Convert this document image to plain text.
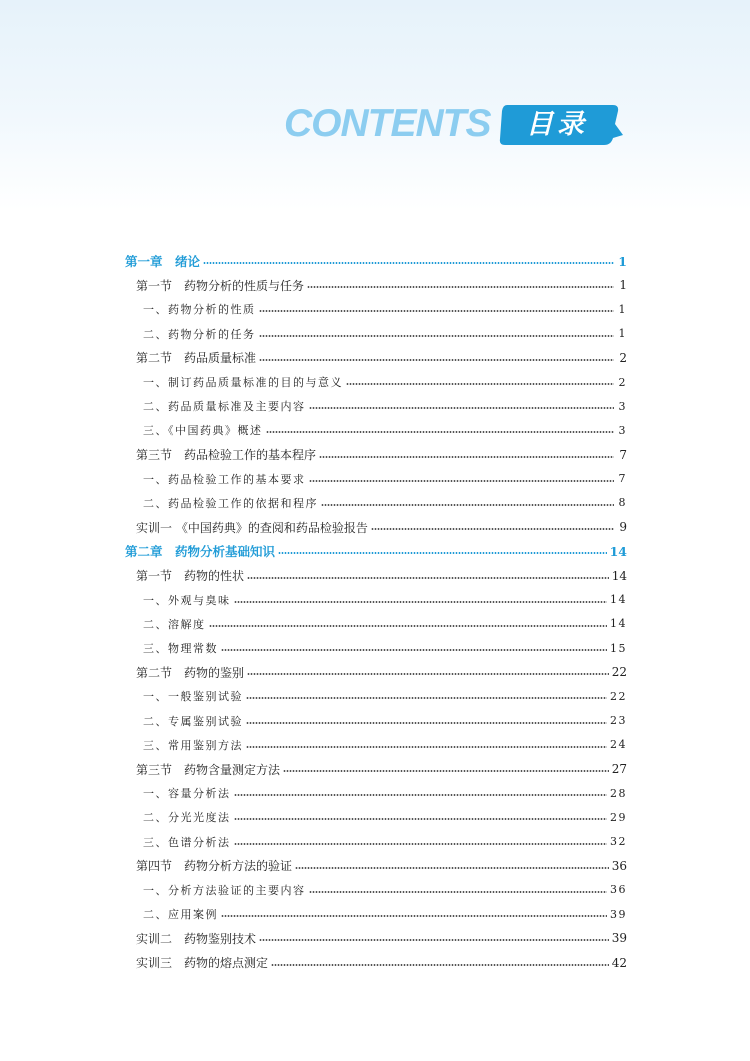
CONTENTS	目录
第一章　绪论	1
第一节　药物分析的性质与任务	1
一、药物分析的性质	1
二、药物分析的任务	1
第二节　药品质量标准	2
一、制订药品质量标准的目的与意义	2
二、药品质量标准及主要内容	3
三、《中国药典》概述	3
第三节　药品检验工作的基本程序	7
一、药品检验工作的基本要求	7
二、药品检验工作的依据和程序	8
实训一 《中国药典》的查阅和药品检验报告	9
第二章　药物分析基础知识	14
第一节　药物的性状	14
一、外观与臭味	14
二、溶解度	14
三、物理常数	15
第二节　药物的鉴别	22
一、一般鉴别试验	22
二、专属鉴别试验	23
三、常用鉴别方法	24
第三节　药物含量测定方法	27
一、容量分析法	28
二、分光光度法	29
三、色谱分析法	32
第四节　药物分析方法的验证	36
一、分析方法验证的主要内容	36
二、应用案例	39
实训二　药物鉴别技术	39
实训三　药物的熔点测定	42
